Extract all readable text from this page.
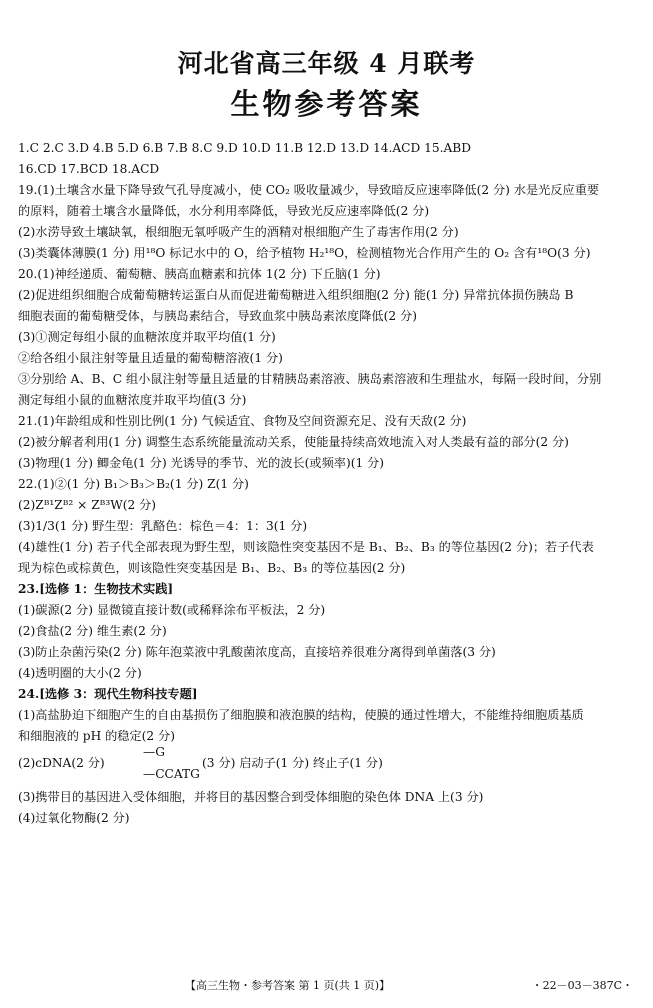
河北省高三年级 4 月联考
生物参考答案
1.C 2.C 3.D 4.B 5.D 6.B 7.B 8.C 9.D 10.D 11.B 12.D 13.D 14.ACD 15.ABD
16.CD 17.BCD 18.ACD
19.(1)土壤含水量下降导致气孔导度减小，使 CO₂ 吸收量减少，导致暗反应速率降低(2 分) 水是光反应重要
的原料，随着土壤含水量降低，水分利用率降低，导致光反应速率降低(2 分)
(2)水涝导致土壤缺氧，根细胞无氧呼吸产生的酒精对根细胞产生了毒害作用(2 分)
(3)类囊体薄膜(1 分) 用¹⁸O 标记水中的 O，给予植物 H₂¹⁸O，检测植物光合作用产生的 O₂ 含有¹⁸O(3 分)
20.(1)神经递质、葡萄糖、胰高血糖素和抗体 1(2 分) 下丘脑(1 分)
(2)促进组织细胞合成葡萄糖转运蛋白从而促进葡萄糖进入组织细胞(2 分) 能(1 分) 异常抗体损伤胰岛 B
细胞表面的葡萄糖受体，与胰岛素结合，导致血浆中胰岛素浓度降低(2 分)
(3)①测定每组小鼠的血糖浓度并取平均值(1 分)
②给各组小鼠注射等量且适量的葡萄糖溶液(1 分)
③分别给 A、B、C 组小鼠注射等量且适量的甘精胰岛素溶液、胰岛素溶液和生理盐水，每隔一段时间，分别
测定每组小鼠的血糖浓度并取平均值(3 分)
21.(1)年龄组成和性别比例(1 分) 气候适宜、食物及空间资源充足、没有天敌(2 分)
(2)被分解者利用(1 分) 调整生态系统能量流动关系，使能量持续高效地流入对人类最有益的部分(2 分)
(3)物理(1 分) 鲫金龟(1 分) 光诱导的季节、光的波长(或频率)(1 分)
22.(1)②(1 分) B₁＞B₃＞B₂(1 分) Z(1 分)
(2)Zᴮ¹Zᴮ² × Zᴮ³W(2 分)
(3)1/3(1 分) 野生型：乳酪色：棕色＝4：1：3(1 分)
(4)雄性(1 分) 若子代全部表现为野生型，则该隐性突变基因不是 B₁、B₂、B₃ 的等位基因(2 分)；若子代表
现为棕色或棕黄色，则该隐性突变基因是 B₁、B₂、B₃ 的等位基因(2 分)
23.[选修 1：生物技术实践]
(1)碳源(2 分) 显微镜直接计数(或稀释涂布平板法，2 分)
(2)食盐(2 分) 维生素(2 分)
(3)防止杂菌污染(2 分) 陈年泡菜液中乳酸菌浓度高，直接培养很难分离得到单菌落(3 分)
(4)透明圈的大小(2 分)
24.[选修 3：现代生物科技专题]
(1)高盐胁迫下细胞产生的自由基损伤了细胞膜和液泡膜的结构，使膜的通过性增大，不能维持细胞质基质
和细胞液的 pH 的稳定(2 分)
(2)cDNA(2 分)
—G
—CCATG
(3 分) 启动子(1 分) 终止子(1 分)
(3)携带目的基因进入受体细胞，并将目的基因整合到受体细胞的染色体 DNA 上(3 分)
(4)过氧化物酶(2 分)
【高三生物・参考答案 第 1 页(共 1 页)】	・22－03－387C・
